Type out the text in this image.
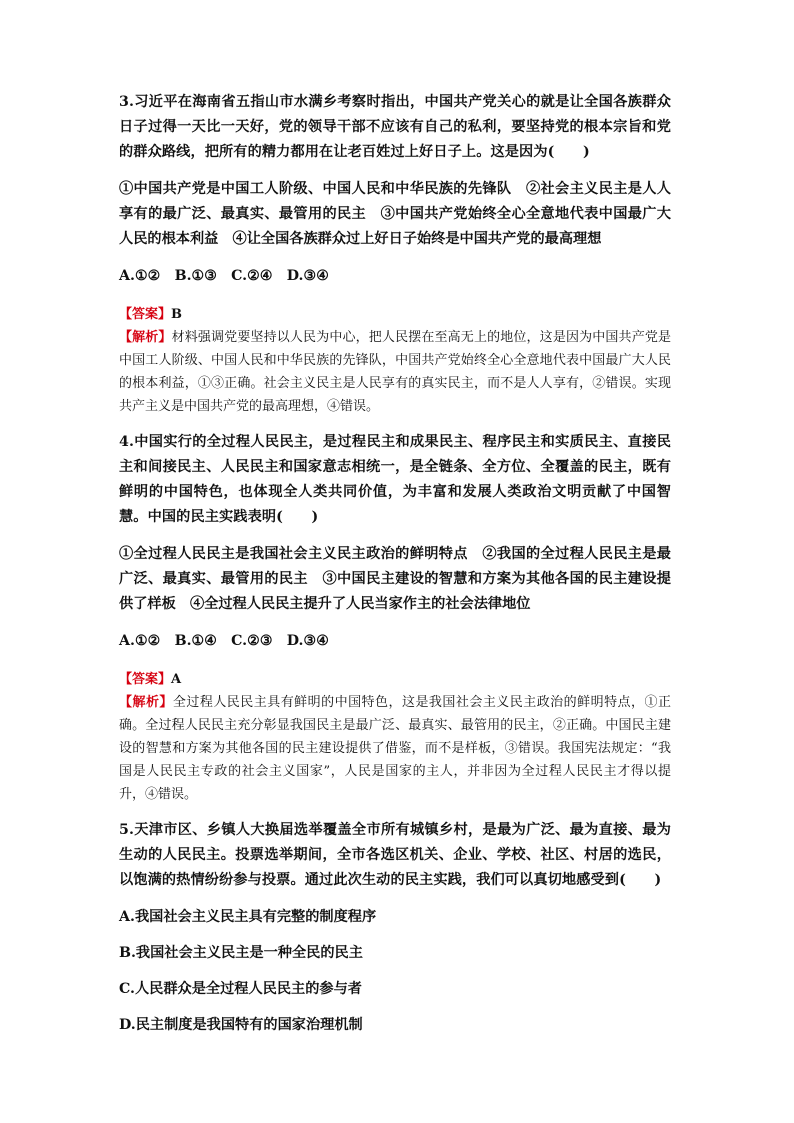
3.习近平在海南省五指山市水满乡考察时指出，中国共产党关心的就是让全国各族群众日子过得一天比一天好，党的领导干部不应该有自己的私利，要坚持党的根本宗旨和党的群众路线，把所有的精力都用在让老百姓过上好日子上。这是因为(　　)

①中国共产党是中国工人阶级、中国人民和中华民族的先锋队　②社会主义民主是人人享有的最广泛、最真实、最管用的民主　③中国共产党始终全心全意地代表中国最广大人民的根本利益　④让全国各族群众过上好日子始终是中国共产党的最高理想

A.①②　B.①③　C.②④　D.③④

【答案】B

【解析】材料强调党要坚持以人民为中心，把人民摆在至高无上的地位，这是因为中国共产党是中国工人阶级、中国人民和中华民族的先锋队，中国共产党始终全心全意地代表中国最广大人民的根本利益，①③正确。社会主义民主是人民享有的真实民主，而不是人人享有，②错误。实现共产主义是中国共产党的最高理想，④错误。

4.中国实行的全过程人民民主，是过程民主和成果民主、程序民主和实质民主、直接民主和间接民主、人民民主和国家意志相统一，是全链条、全方位、全覆盖的民主，既有鲜明的中国特色，也体现全人类共同价值，为丰富和发展人类政治文明贡献了中国智慧。中国的民主实践表明(　　)

①全过程人民民主是我国社会主义民主政治的鲜明特点　②我国的全过程人民民主是最广泛、最真实、最管用的民主　③中国民主建设的智慧和方案为其他各国的民主建设提供了样板　④全过程人民民主提升了人民当家作主的社会法律地位

A.①②　B.①④　C.②③　D.③④

【答案】A

【解析】全过程人民民主具有鲜明的中国特色，这是我国社会主义民主政治的鲜明特点，①正确。全过程人民民主充分彰显我国民主是最广泛、最真实、最管用的民主，②正确。中国民主建设的智慧和方案为其他各国的民主建设提供了借鉴，而不是样板，③错误。我国宪法规定：“我国是人民民主专政的社会主义国家”，人民是国家的主人，并非因为全过程人民民主才得以提升，④错误。

5.天津市区、乡镇人大换届选举覆盖全市所有城镇乡村，是最为广泛、最为直接、最为生动的人民民主。投票选举期间，全市各选区机关、企业、学校、社区、村居的选民，以饱满的热情纷纷参与投票。通过此次生动的民主实践，我们可以真切地感受到(　　)

A.我国社会主义民主具有完整的制度程序

B.我国社会主义民主是一种全民的民主

C.人民群众是全过程人民民主的参与者

D.民主制度是我国特有的国家治理机制
